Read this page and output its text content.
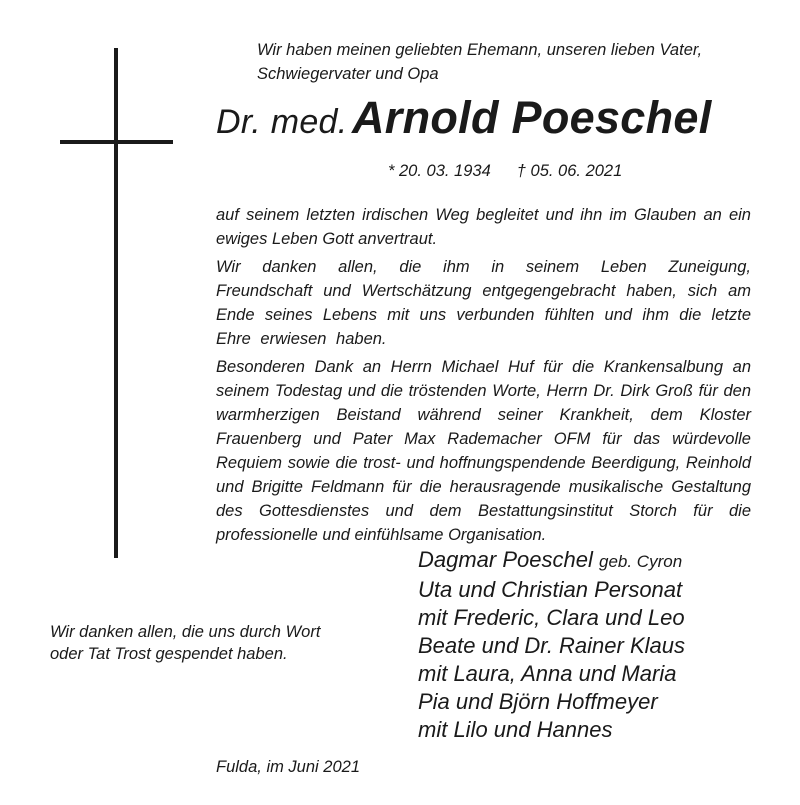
Wir haben meinen geliebten Ehemann, unseren lieben Vater,
Schwiegervater und Opa
Dr. med. Arnold Poeschel
* 20. 03. 1934 † 05. 06. 2021

auf seinem letzten irdischen Weg begleitet und ihn im Glauben an ein ewiges Leben Gott anvertraut.

Wir danken allen, die ihm in seinem Leben Zuneigung, Freundschaft und Wertschätzung entgegengebracht haben, sich am Ende seines Lebens mit uns verbunden fühlten und ihm die letzte Ehre erwiesen haben.

Besonderen Dank an Herrn Michael Huf für die Krankensalbung an seinem Todestag und die tröstenden Worte, Herrn Dr. Dirk Groß für den warmherzigen Beistand während seiner Krankheit, dem Kloster Frauenberg und Pater Max Rademacher OFM für das würdevolle Requiem sowie die trost- und hoffnungspendende Beerdigung, Reinhold und Brigitte Feldmann für die herausragende musikalische Gestaltung des Gottesdienstes und dem Bestattungsinstitut Storch für die professionelle und einfühlsame Organisation.

Wir danken allen, die uns durch Wort
oder Tat Trost gespendet haben.
Dagmar Poeschel geb. Cyron
Uta und Christian Personat
mit Frederic, Clara und Leo
Beate und Dr. Rainer Klaus
mit Laura, Anna und Maria
Pia und Björn Hoffmeyer
mit Lilo und Hannes
Fulda, im Juni 2021
